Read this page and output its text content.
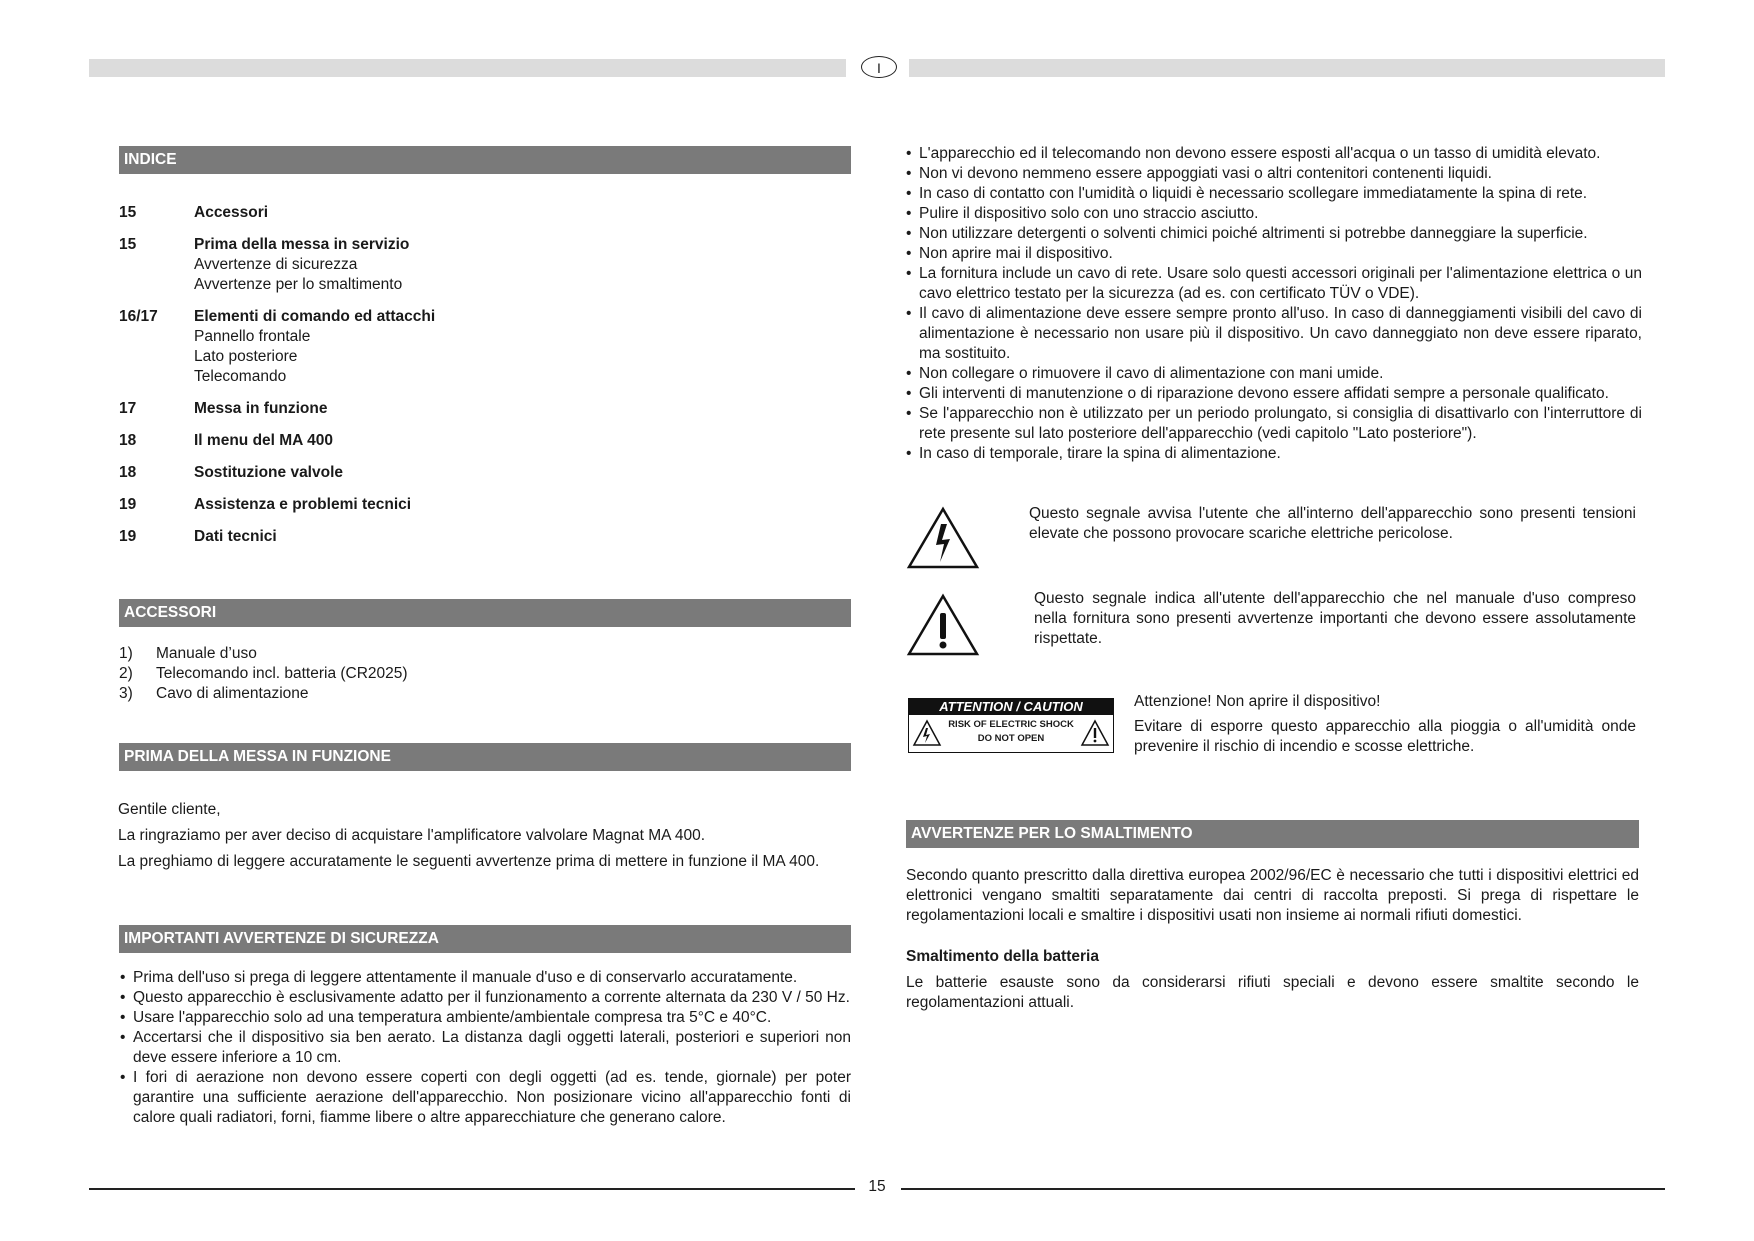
I
INDICE
15	Accessori
15	Prima della messa in servizio
Avvertenze di sicurezza
Avvertenze per lo smaltimento
16/17 Elementi di comando ed attacchi
Pannello frontale
Lato posteriore
Telecomando
17	Messa in funzione
18	Il menu del MA 400
18	Sostituzione valvole
19	Assistenza e problemi tecnici
19	Dati tecnici
ACCESSORI
1) Manuale d’uso
2) Telecomando incl. batteria (CR2025)
3) Cavo di alimentazione
PRIMA DELLA MESSA IN FUNZIONE
Gentile cliente,
La ringraziamo per aver deciso di acquistare l'amplificatore valvolare Magnat MA 400.
La preghiamo di leggere accuratamente le seguenti avvertenze prima di mettere in funzione il MA 400.
IMPORTANTI AVVERTENZE DI SICUREZZA
• Prima dell'uso si prega di leggere attentamente il manuale d'uso e di conservarlo accuratamente.
• Questo apparecchio è esclusivamente adatto per il funzionamento a corrente alternata da 230 V / 50 Hz.
• Usare l'apparecchio solo ad una temperatura ambiente/ambientale compresa tra 5°C e 40°C.
• Accertarsi che il dispositivo sia ben aerato. La distanza dagli oggetti laterali, posteriori e superiori non deve essere inferiore a 10 cm.
• I fori di aerazione non devono essere coperti con degli oggetti (ad es. tende, giornale) per poter garantire una sufficiente aerazione dell'apparecchio. Non posizionare vicino all'apparecchio fonti di calore quali radiatori, forni, fiamme libere o altre apparecchiature che generano calore.
• L'apparecchio ed il telecomando non devono essere esposti all'acqua o un tasso di umidità elevato.
• Non vi devono nemmeno essere appoggiati vasi o altri contenitori contenenti liquidi.
• In caso di contatto con l'umidità o liquidi è necessario scollegare immediatamente la spina di rete.
• Pulire il dispositivo solo con uno straccio asciutto.
• Non utilizzare detergenti o solventi chimici poiché altrimenti si potrebbe danneggiare la superficie.
• Non aprire mai il dispositivo.
• La fornitura include un cavo di rete. Usare solo questi accessori originali per l'alimentazione elettrica o un cavo elettrico testato per la sicurezza (ad es. con certificato TÜV o VDE).
• Il cavo di alimentazione deve essere sempre pronto all'uso. In caso di danneggiamenti visibili del cavo di alimentazione è necessario non usare più il dispositivo. Un cavo danneggiato non deve essere riparato, ma sostituito.
• Non collegare o rimuovere il cavo di alimentazione con mani umide.
• Gli interventi di manutenzione o di riparazione devono essere affidati sempre a personale qualificato.
• Se l'apparecchio non è utilizzato per un periodo prolungato, si consiglia di disattivarlo con l'interruttore di rete presente sul lato posteriore dell'apparecchio (vedi capitolo "Lato posteriore").
• In caso di temporale, tirare la spina di alimentazione.
Questo segnale avvisa l'utente che all'interno dell'apparecchio sono presenti tensioni elevate che possono provocare scariche elettriche pericolose.
Questo segnale indica all'utente dell'apparecchio che nel manuale d'uso compreso nella fornitura sono presenti avvertenze importanti che devono essere assolutamente rispettate.
ATTENTION / CAUTION
RISK OF ELECTRIC SHOCK
DO NOT OPEN
Attenzione! Non aprire il dispositivo!
Evitare di esporre questo apparecchio alla pioggia o all'umidità onde prevenire il rischio di incendio e scosse elettriche.
AVVERTENZE PER LO SMALTIMENTO
Secondo quanto prescritto dalla direttiva europea 2002/96/EC è necessario che tutti i dispositivi elettrici ed elettronici vengano smaltiti separatamente dai centri di raccolta preposti. Si prega di rispettare le regolamentazioni locali e smaltire i dispositivi usati non insieme ai normali rifiuti domestici.
Smaltimento della batteria
Le batterie esauste sono da considerarsi rifiuti speciali e devono essere smaltite secondo le regolamentazioni attuali.
15
